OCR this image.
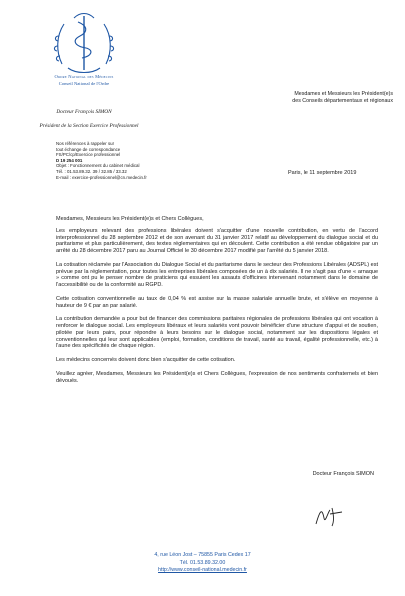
Ordre National des Médecins
Conseil National de l'Ordre
Docteur François SIMON
Président de la Section Exercice Professionnel
Mesdames et Messieurs les Président(e)s
des Conseils départementaux et régionaux
Nos références à rappeler sur
tout échange de correspondance
FS/PC/cp/Exercice professionnel
D 19 254 001
Objet : Fonctionnement du cabinet médical
Tél. : 01.53.89.32. 39 / 32.85 / 33.32
E-mail : exercice-professionnel@cn.medecin.fr
Paris, le 11 septembre 2019

Mesdames, Messieurs les Président(e)s et Chers Collègues,

Les employeurs relevant des professions libérales doivent s'acquitter d'une nouvelle contribution, en vertu de l'accord interprofessionnel du 28 septembre 2012 et de son avenant du 31 janvier 2017 relatif au développement du dialogue social et du paritarisme et plus particulièrement, des textes réglementaires qui en découlent. Cette contribution a été rendue obligatoire par un arrêté du 28 décembre 2017 paru au Journal Officiel le 30 décembre 2017 modifié par l'arrêté du 5 janvier 2018.

La cotisation réclamée par l'Association du Dialogue Social et du paritarisme dans le secteur des Professions Libérales (ADSPL) est prévue par la réglementation, pour toutes les entreprises libérales composées de un à dix salariés. Il ne s'agit pas d'une « arnaque » comme ont pu le penser nombre de praticiens qui essuient les assauts d'officines intervenant notamment dans le domaine de l'accessibilité ou de la conformité au RGPD.

Cette cotisation conventionnelle au taux de 0,04 % est assise sur la masse salariale annuelle brute, et s'élève en moyenne à hauteur de 9 € par an par salarié.

La contribution demandée a pour but de financer des commissions paritaires régionales de professions libérales qui ont vocation à renforcer le dialogue social. Les employeurs libéraux et leurs salariés vont pouvoir bénéficier d'une structure d'appui et de soutien, pilotée par leurs pairs, pour répondre à leurs besoins sur le dialogue social, notamment sur les dispositions légales et conventionnelles qui leur sont applicables (emploi, formation, conditions de travail, santé au travail, égalité professionnelle, etc.) à l'aune des spécificités de chaque région.

Les médecins concernés doivent donc bien s'acquitter de cette cotisation.

Veuillez agréer, Mesdames, Messieurs les Président(e)s et Chers Collègues, l'expression de nos sentiments confraternels et bien dévoués.

Docteur François SIMON
4, rue Léon Jost – 75855 Paris Cedex 17
Tél. 01.53.89.32.00
http://www.conseil-national.medecin.fr
